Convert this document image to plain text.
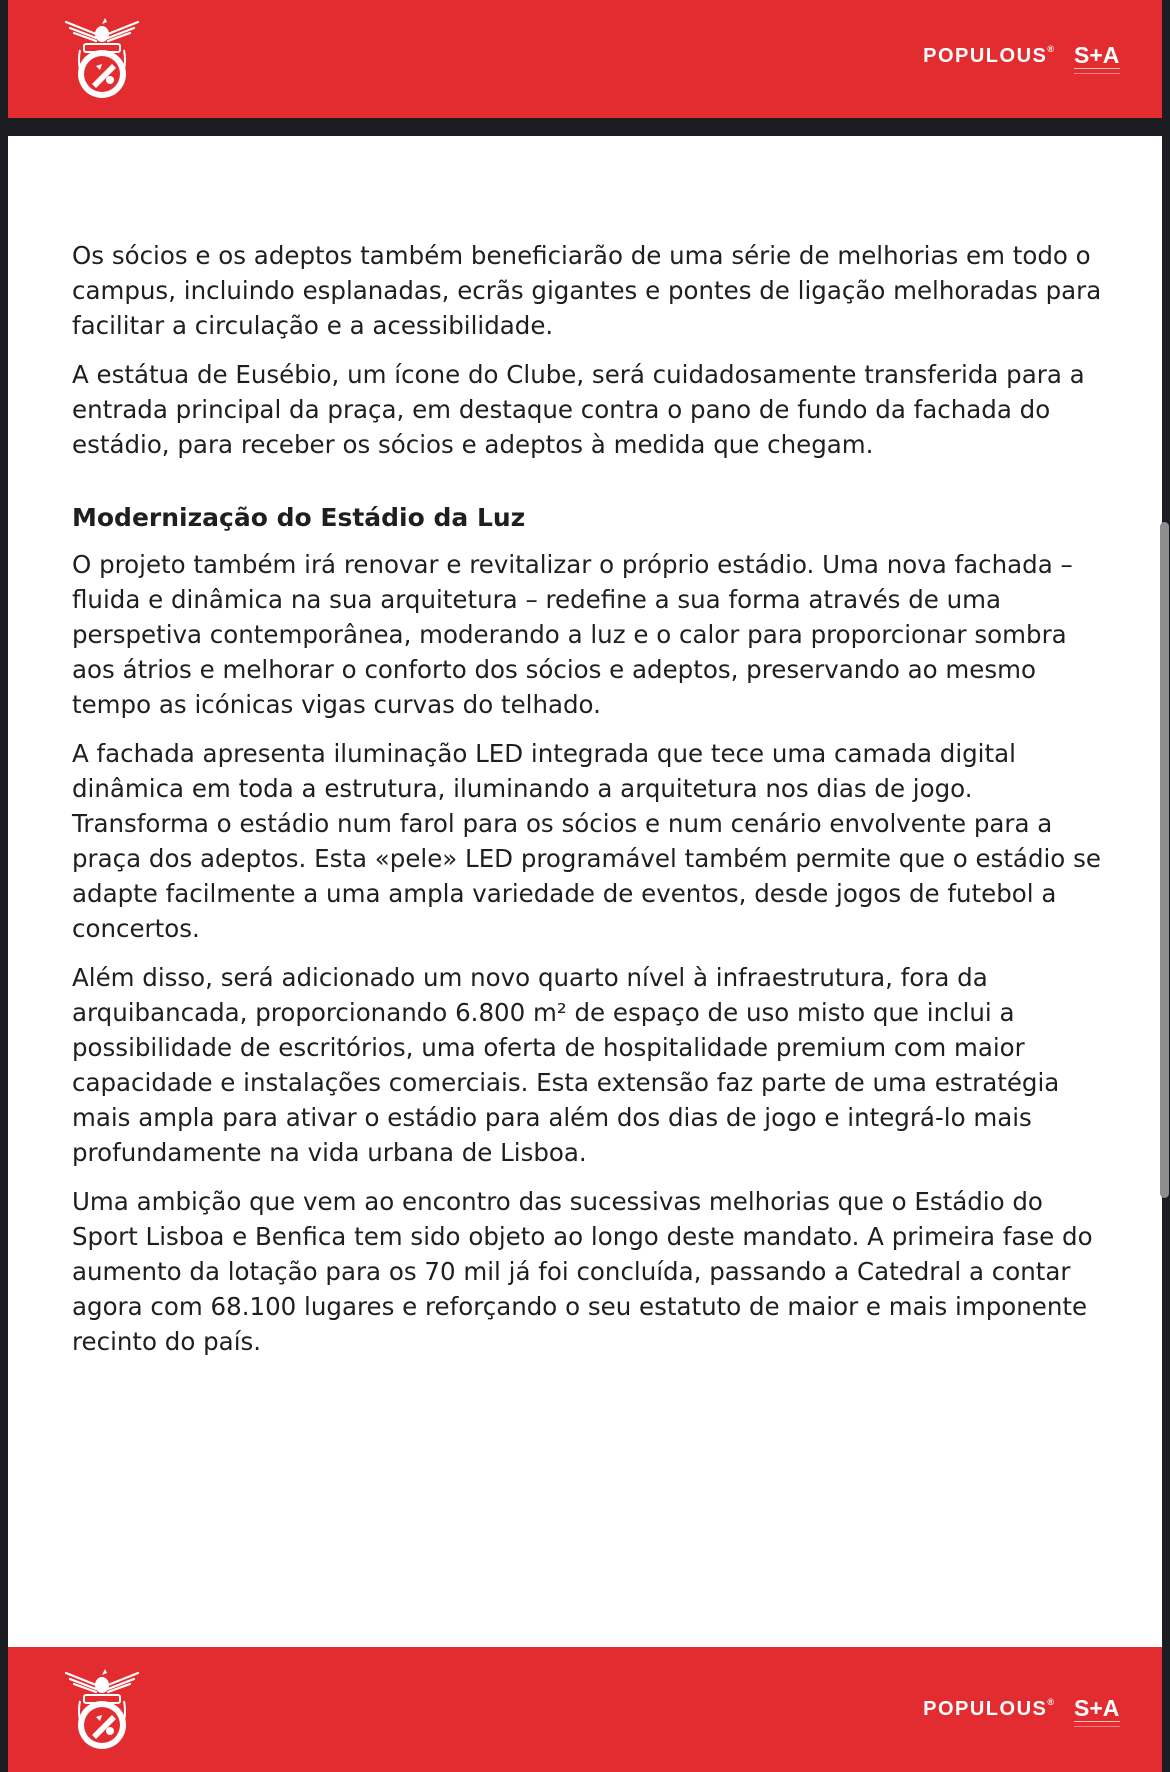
POPULOUS® S+A

Os sócios e os adeptos também beneficiarão de uma série de melhorias em todo o campus, incluindo esplanadas, ecrãs gigantes e pontes de ligação melhoradas para facilitar a circulação e a acessibilidade.

A estátua de Eusébio, um ícone do Clube, será cuidadosamente transferida para a entrada principal da praça, em destaque contra o pano de fundo da fachada do estádio, para receber os sócios e adeptos à medida que chegam.

Modernização do Estádio da Luz

O projeto também irá renovar e revitalizar o próprio estádio. Uma nova fachada – fluida e dinâmica na sua arquitetura – redefine a sua forma através de uma perspetiva contemporânea, moderando a luz e o calor para proporcionar sombra aos átrios e melhorar o conforto dos sócios e adeptos, preservando ao mesmo tempo as icónicas vigas curvas do telhado.

A fachada apresenta iluminação LED integrada que tece uma camada digital dinâmica em toda a estrutura, iluminando a arquitetura nos dias de jogo. Transforma o estádio num farol para os sócios e num cenário envolvente para a praça dos adeptos. Esta «pele» LED programável também permite que o estádio se adapte facilmente a uma ampla variedade de eventos, desde jogos de futebol a concertos.

Além disso, será adicionado um novo quarto nível à infraestrutura, fora da arquibancada, proporcionando 6.800 m² de espaço de uso misto que inclui a possibilidade de escritórios, uma oferta de hospitalidade premium com maior capacidade e instalações comerciais. Esta extensão faz parte de uma estratégia mais ampla para ativar o estádio para além dos dias de jogo e integrá-lo mais profundamente na vida urbana de Lisboa.

Uma ambição que vem ao encontro das sucessivas melhorias que o Estádio do Sport Lisboa e Benfica tem sido objeto ao longo deste mandato. A primeira fase do aumento da lotação para os 70 mil já foi concluída, passando a Catedral a contar agora com 68.100 lugares e reforçando o seu estatuto de maior e mais imponente recinto do país.

POPULOUS® S+A
